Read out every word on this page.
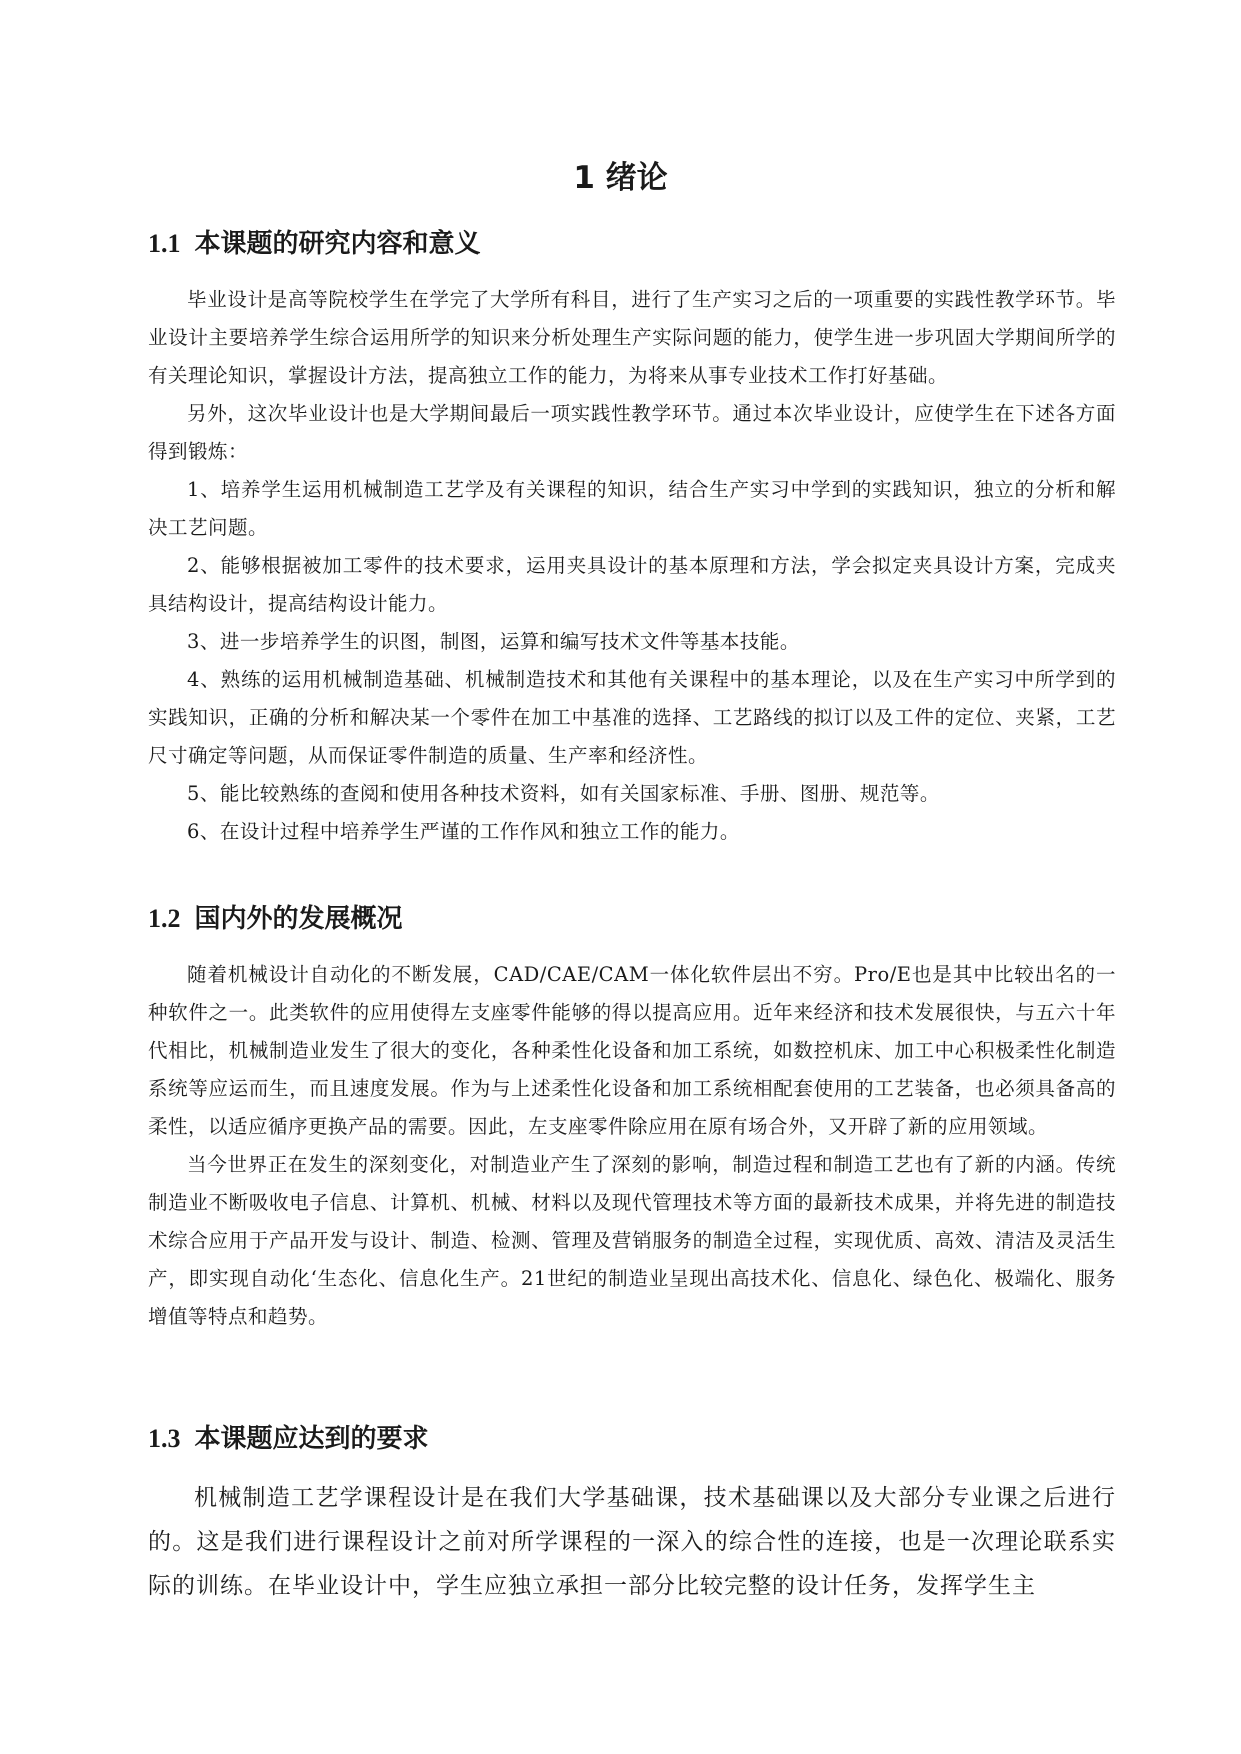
1 绪论
1.1 本课题的研究内容和意义

毕业设计是高等院校学生在学完了大学所有科目，进行了生产实习之后的一项重要的实践性教学环节。毕业设计主要培养学生综合运用所学的知识来分析处理生产实际问题的能力，使学生进一步巩固大学期间所学的有关理论知识，掌握设计方法，提高独立工作的能力，为将来从事专业技术工作打好基础。

另外，这次毕业设计也是大学期间最后一项实践性教学环节。通过本次毕业设计，应使学生在下述各方面得到锻炼：

1、培养学生运用机械制造工艺学及有关课程的知识，结合生产实习中学到的实践知识，独立的分析和解决工艺问题。

2、能够根据被加工零件的技术要求，运用夹具设计的基本原理和方法，学会拟定夹具设计方案，完成夹具结构设计，提高结构设计能力。

3、进一步培养学生的识图，制图，运算和编写技术文件等基本技能。

4、熟练的运用机械制造基础、机械制造技术和其他有关课程中的基本理论，以及在生产实习中所学到的实践知识，正确的分析和解决某一个零件在加工中基准的选择、工艺路线的拟订以及工件的定位、夹紧，工艺尺寸确定等问题，从而保证零件制造的质量、生产率和经济性。

5、能比较熟练的查阅和使用各种技术资料，如有关国家标准、手册、图册、规范等。

6、在设计过程中培养学生严谨的工作作风和独立工作的能力。

1.2 国内外的发展概况

随着机械设计自动化的不断发展，CAD/CAE/CAM一体化软件层出不穷。Pro/E也是其中比较出名的一种软件之一。此类软件的应用使得左支座零件能够的得以提高应用。近年来经济和技术发展很快，与五六十年代相比，机械制造业发生了很大的变化，各种柔性化设备和加工系统，如数控机床、加工中心积极柔性化制造系统等应运而生，而且速度发展。作为与上述柔性化设备和加工系统相配套使用的工艺装备，也必须具备高的柔性，以适应循序更换产品的需要。因此，左支座零件除应用在原有场合外，又开辟了新的应用领域。

当今世界正在发生的深刻变化，对制造业产生了深刻的影响，制造过程和制造工艺也有了新的内涵。传统制造业不断吸收电子信息、计算机、机械、材料以及现代管理技术等方面的最新技术成果，并将先进的制造技术综合应用于产品开发与设计、制造、检测、管理及营销服务的制造全过程，实现优质、高效、清洁及灵活生产，即实现自动化‘生态化、信息化生产。21世纪的制造业呈现出高技术化、信息化、绿色化、极端化、服务增值等特点和趋势。

1.3 本课题应达到的要求

机械制造工艺学课程设计是在我们大学基础课，技术基础课以及大部分专业课之后进行的。这是我们进行课程设计之前对所学课程的一深入的综合性的连接，也是一次理论联系实际的训练。在毕业设计中，学生应独立承担一部分比较完整的设计任务，发挥学生主
